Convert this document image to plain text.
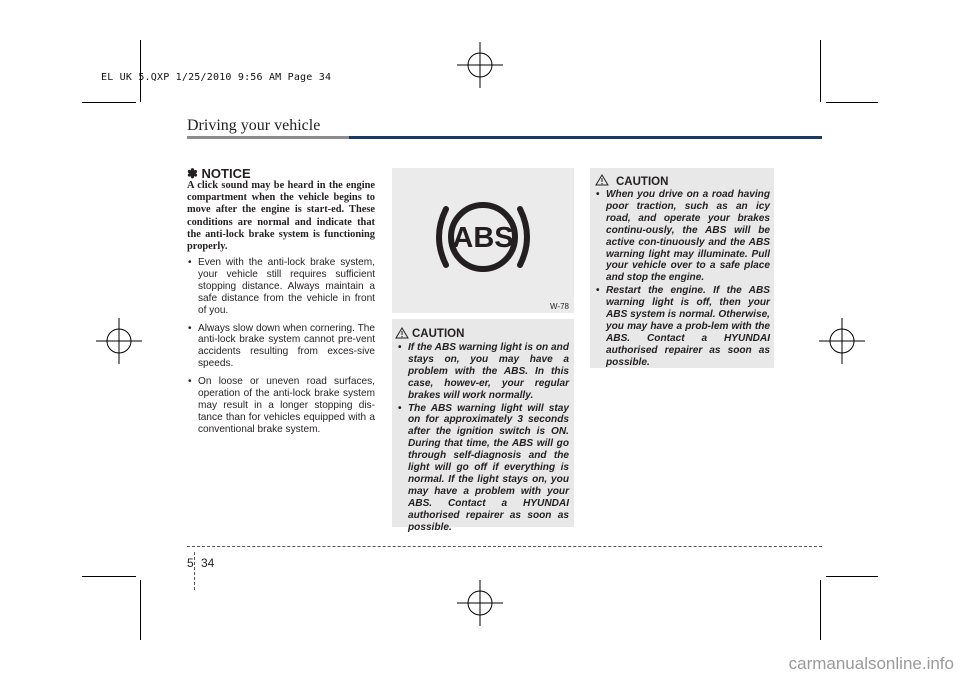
EL UK 5.QXP 1/25/2010 9:56 AM Page 34
Driving your vehicle
✽ NOTICE
A click sound may be heard in the engine compartment when the vehicle begins to move after the engine is start-ed. These conditions are normal and indicate that the anti-lock brake system is functioning properly.
• Even with the anti-lock brake system, your vehicle still requires sufficient stopping distance. Always maintain a safe distance from the vehicle in front of you.
• Always slow down when cornering. The anti-lock brake system cannot pre-vent accidents resulting from exces-sive speeds.
• On loose or uneven road surfaces, operation of the anti-lock brake system may result in a longer stopping dis-tance than for vehicles equipped with a conventional brake system.
ABS
W-78
CAUTION
• If the ABS warning light is on and stays on, you may have a problem with the ABS. In this case, howev-er, your regular brakes will work normally.
• The ABS warning light will stay on for approximately 3 seconds after the ignition switch is ON. During that time, the ABS will go through self-diagnosis and the light will go off if everything is normal. If the light stays on, you may have a problem with your ABS. Contact a HYUNDAI authorised repairer as soon as possible.
CAUTION
• When you drive on a road having poor traction, such as an icy road, and operate your brakes continu-ously, the ABS will be active con-tinuously and the ABS warning light may illuminate. Pull your vehicle over to a safe place and stop the engine.
• Restart the engine. If the ABS warning light is off, then your ABS system is normal. Otherwise, you may have a prob-lem with the ABS. Contact a HYUNDAI authorised repairer as soon as possible.
5 34
carmanualsonline.info
